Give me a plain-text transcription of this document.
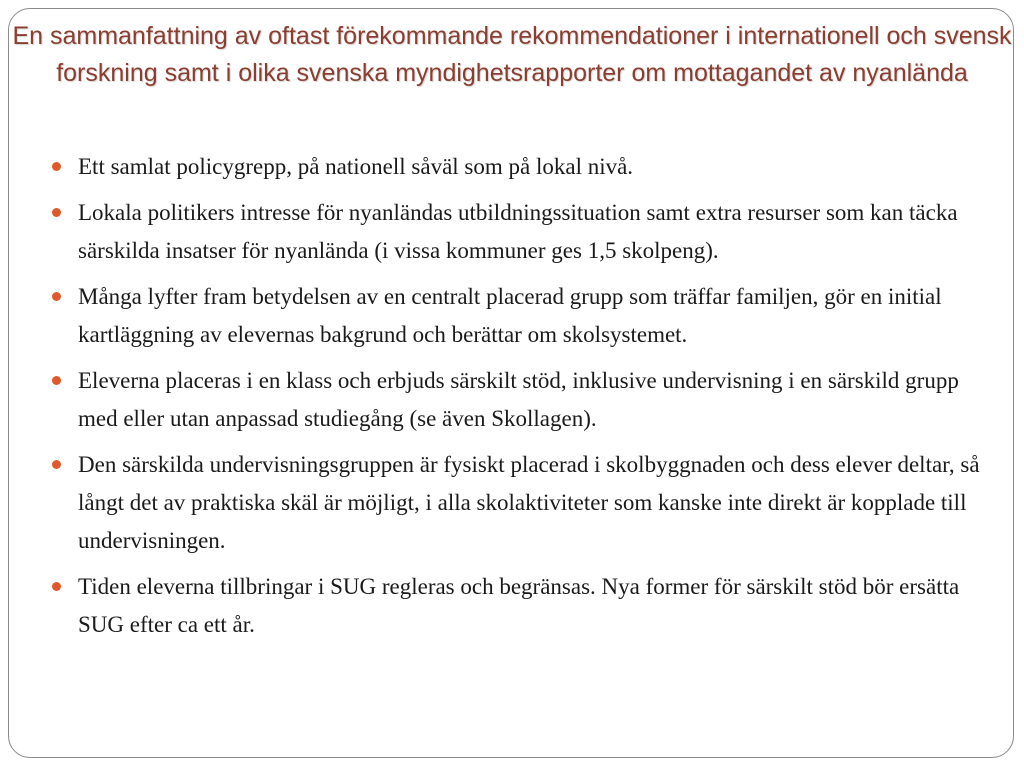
En sammanfattning av oftast förekommande rekommendationer i internationell och svensk forskning samt i olika svenska myndighetsrapporter om mottagandet av nyanlända
Ett samlat policygrepp, på nationell såväl som på lokal nivå.
Lokala politikers intresse för nyanländas utbildningssituation samt extra resurser som kan täcka särskilda insatser för nyanlända (i vissa kommuner ges 1,5 skolpeng).
Många lyfter fram betydelsen av en centralt placerad grupp som träffar familjen, gör en initial kartläggning av elevernas bakgrund och berättar om skolsystemet.
Eleverna placeras i en klass och erbjuds särskilt stöd, inklusive undervisning i en särskild grupp med eller utan anpassad studiegång (se även Skollagen).
Den särskilda undervisningsgruppen är fysiskt placerad i skolbyggnaden och dess elever deltar, så långt det av praktiska skäl är möjligt, i alla skolaktiviteter som kanske inte direkt är kopplade till undervisningen.
Tiden eleverna tillbringar i SUG regleras och begränsas. Nya former för särskilt stöd bör ersätta SUG efter ca ett år.
